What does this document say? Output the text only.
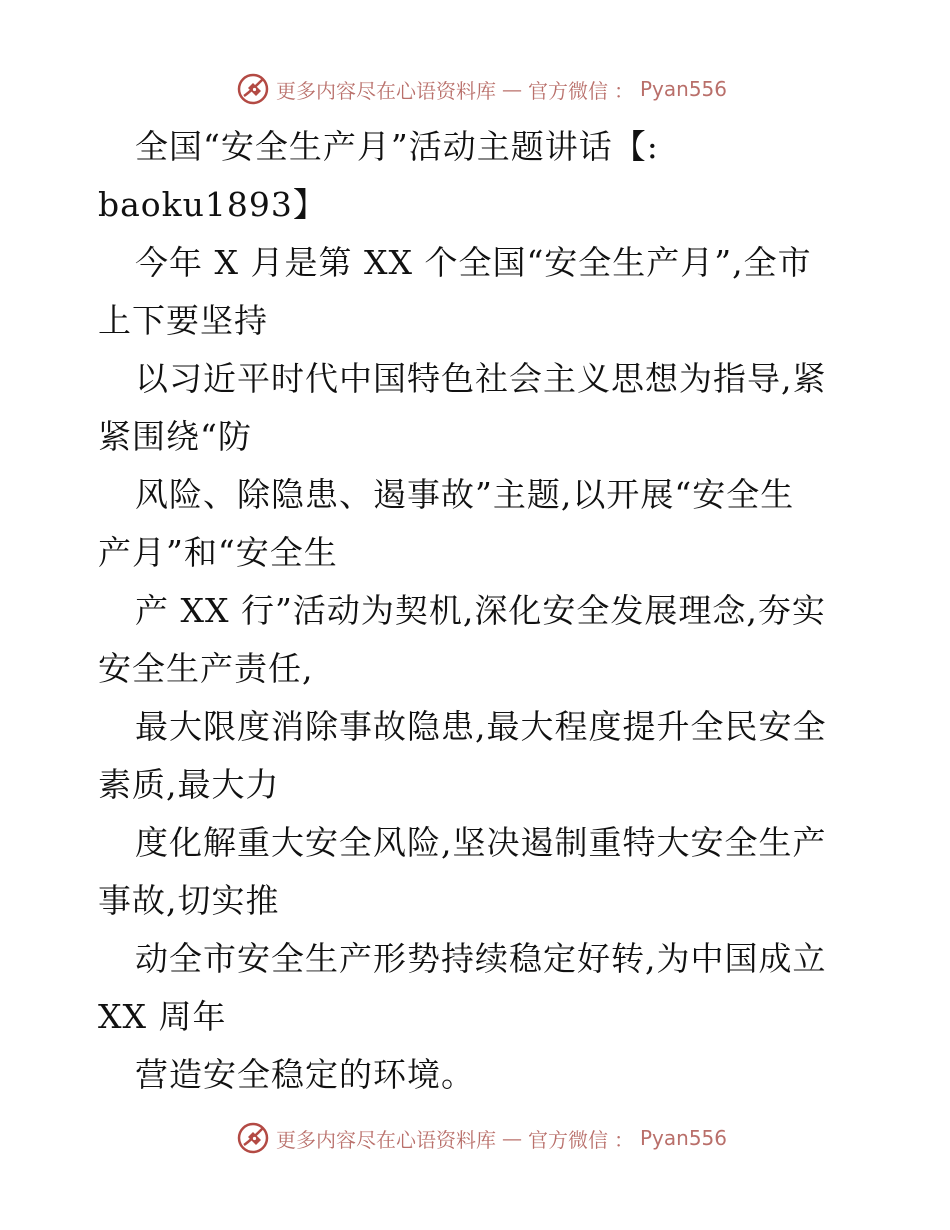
更多内容尽在心语资料库 — 官方微信 ： Pyan556
全国“安全生产月”活动主题讲话【:
baoku1893】
今年 X 月是第 XX 个全国“安全生产月”,全市
上下要坚持
以习近平时代中国特色社会主义思想为指导,紧
紧围绕“防
风险、除隐患、遏事故”主题,以开展“安全生
产月”和“安全生
产 XX 行”活动为契机,深化安全发展理念,夯实
安全生产责任,
最大限度消除事故隐患,最大程度提升全民安全
素质,最大力
度化解重大安全风险,坚决遏制重特大安全生产
事故,切实推
动全市安全生产形势持续稳定好转,为中国成立
XX 周年
营造安全稳定的环境。
更多内容尽在心语资料库 — 官方微信 ： Pyan556
